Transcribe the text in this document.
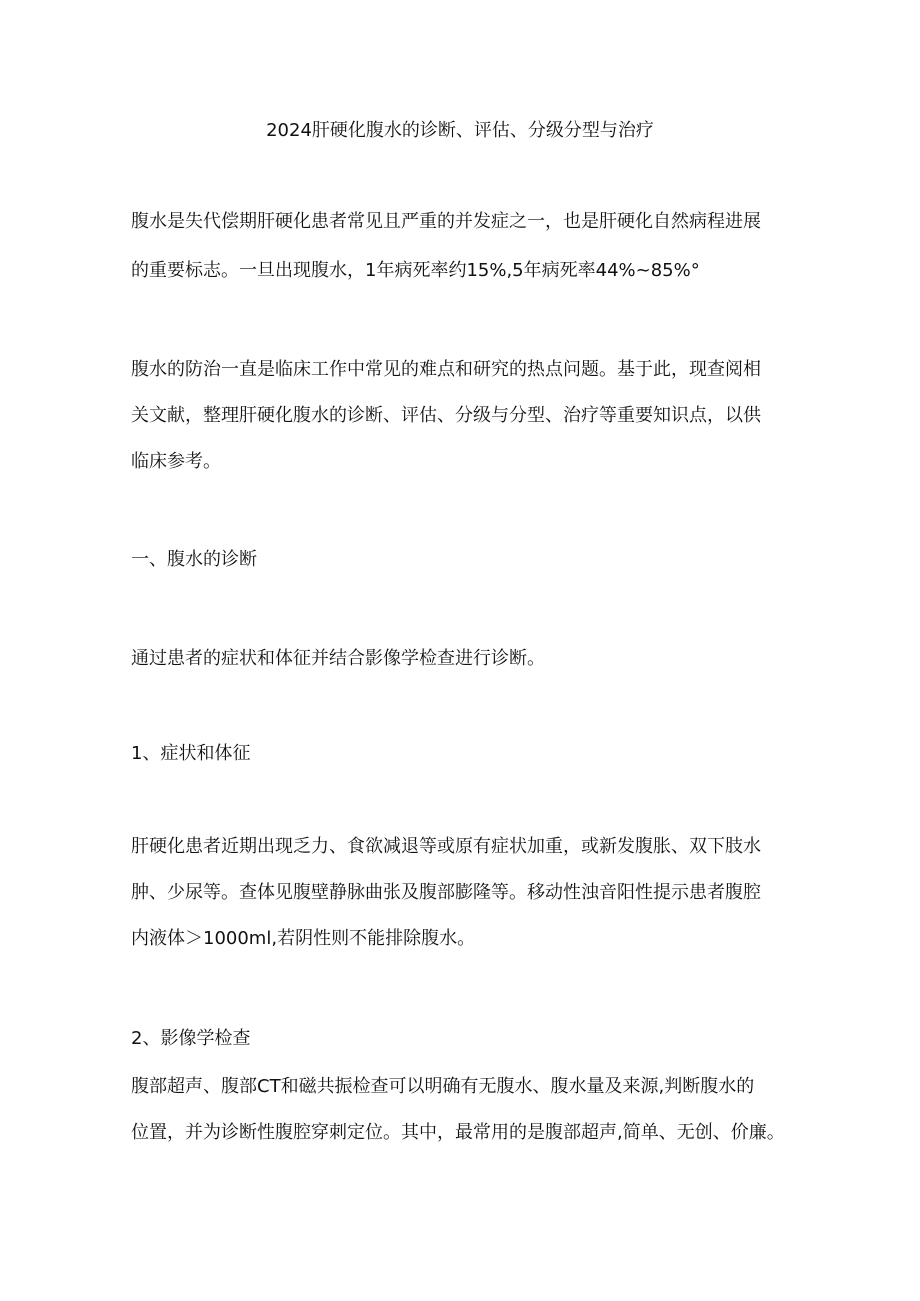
2024肝硬化腹水的诊断、评估、分级分型与治疗
腹水是失代偿期肝硬化患者常见且严重的并发症之一，也是肝硬化自然病程进展
的重要标志。一旦出现腹水，1年病死率约15%,5年病死率44%~85%°
腹水的防治一直是临床工作中常见的难点和研究的热点问题。基于此，现查阅相
关文献，整理肝硬化腹水的诊断、评估、分级与分型、治疗等重要知识点，以供
临床参考。
一、腹水的诊断
通过患者的症状和体征并结合影像学检查进行诊断。
1、症状和体征
肝硬化患者近期出现乏力、食欲减退等或原有症状加重，或新发腹胀、双下肢水
肿、少尿等。查体见腹壁静脉曲张及腹部膨隆等。移动性浊音阳性提示患者腹腔
内液体＞1000ml,若阴性则不能排除腹水。
2、影像学检查
腹部超声、腹部CT和磁共振检查可以明确有无腹水、腹水量及来源,判断腹水的
位置，并为诊断性腹腔穿刺定位。其中，最常用的是腹部超声,简单、无创、价廉。
